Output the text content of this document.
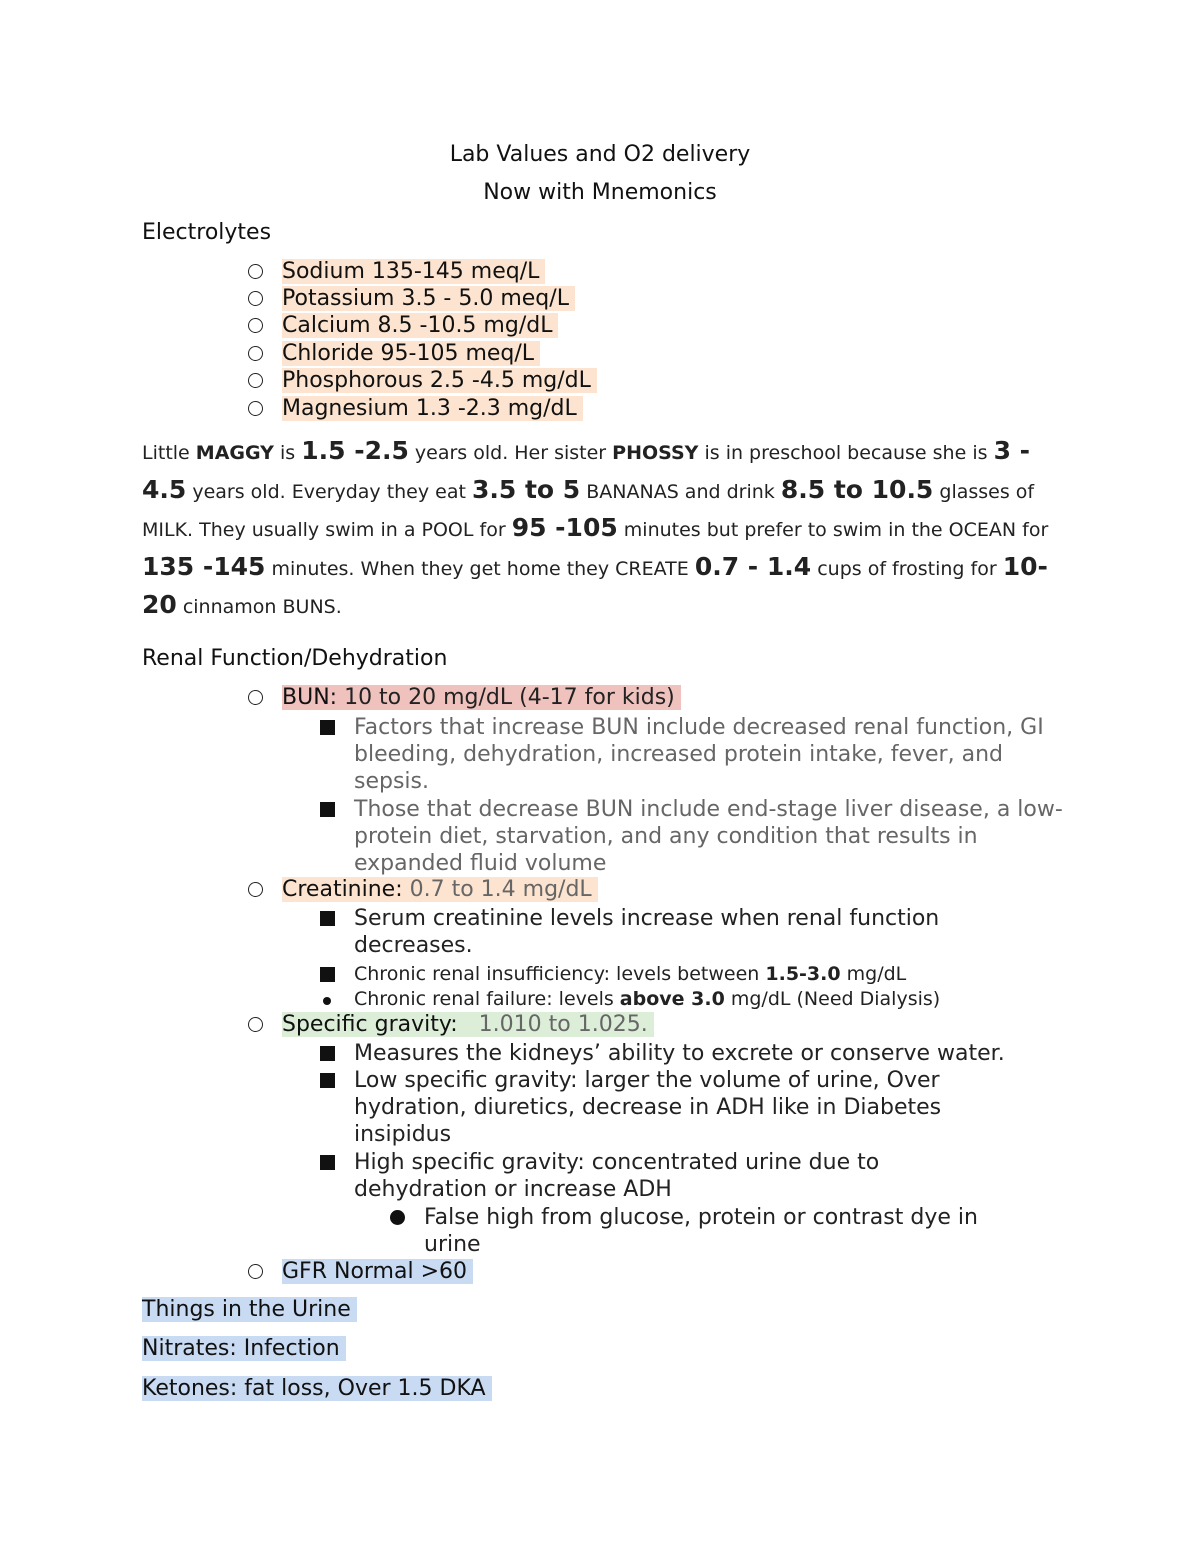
Lab Values and O2 delivery
Now with Mnemonics
Electrolytes
Sodium 135-145 meq/L
Potassium 3.5 - 5.0 meq/L
Calcium 8.5 -10.5 mg/dL
Chloride 95-105 meq/L
Phosphorous 2.5 -4.5 mg/dL
Magnesium 1.3 -2.3 mg/dL
Little MAGGY is 1.5 -2.5 years old. Her sister PHOSSY is in preschool because she is 3 - 4.5 years old. Everyday they eat 3.5 to 5 BANANAS and drink 8.5 to 10.5 glasses of MILK. They usually swim in a POOL for 95 -105 minutes but prefer to swim in the OCEAN for 135 -145 minutes. When they get home they CREATE 0.7 - 1.4 cups of frosting for 10-20 cinnamon BUNS.
Renal Function/Dehydration
BUN: 10 to 20 mg/dL (4-17 for kids)
Factors that increase BUN include decreased renal function, GI bleeding, dehydration, increased protein intake, fever, and sepsis.
Those that decrease BUN include end-stage liver disease, a low-protein diet, starvation, and any condition that results in expanded fluid volume
Creatinine: 0.7 to 1.4 mg/dL
Serum creatinine levels increase when renal function decreases.
Chronic renal insufficiency: levels between 1.5-3.0 mg/dL
Chronic renal failure: levels above 3.0 mg/dL (Need Dialysis)
Specific gravity:   1.010 to 1.025.
Measures the kidneys’ ability to excrete or conserve water.
Low specific gravity: larger the volume of urine, Over hydration, diuretics, decrease in ADH like in Diabetes insipidus
High specific gravity: concentrated urine due to dehydration or increase ADH
False high from glucose, protein or contrast dye in urine
GFR Normal >60
Things in the Urine
Nitrates: Infection
Ketones: fat loss, Over 1.5 DKA
